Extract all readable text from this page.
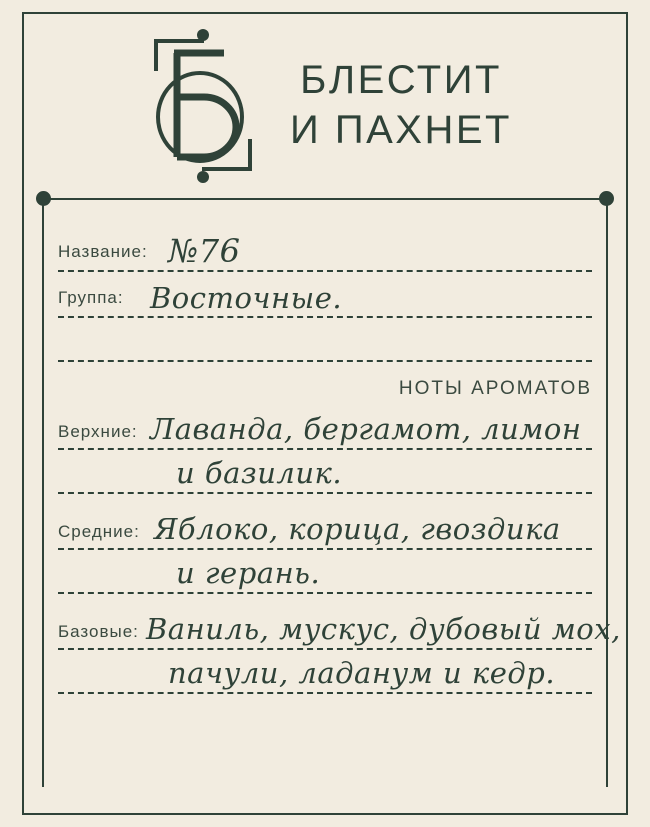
БЛЕСТИТ
И ПАХНЕТ
Название: №76
Группа: Восточные.
НОТЫ АРОМАТОВ
Верхние: Лаванда, бергамот, лимон
и базилик.
Средние: Яблоко, корица, гвоздика
и герань.
Базовые: Ваниль, мускус, дубовый мох,
пачули, ладанум и кедр.
